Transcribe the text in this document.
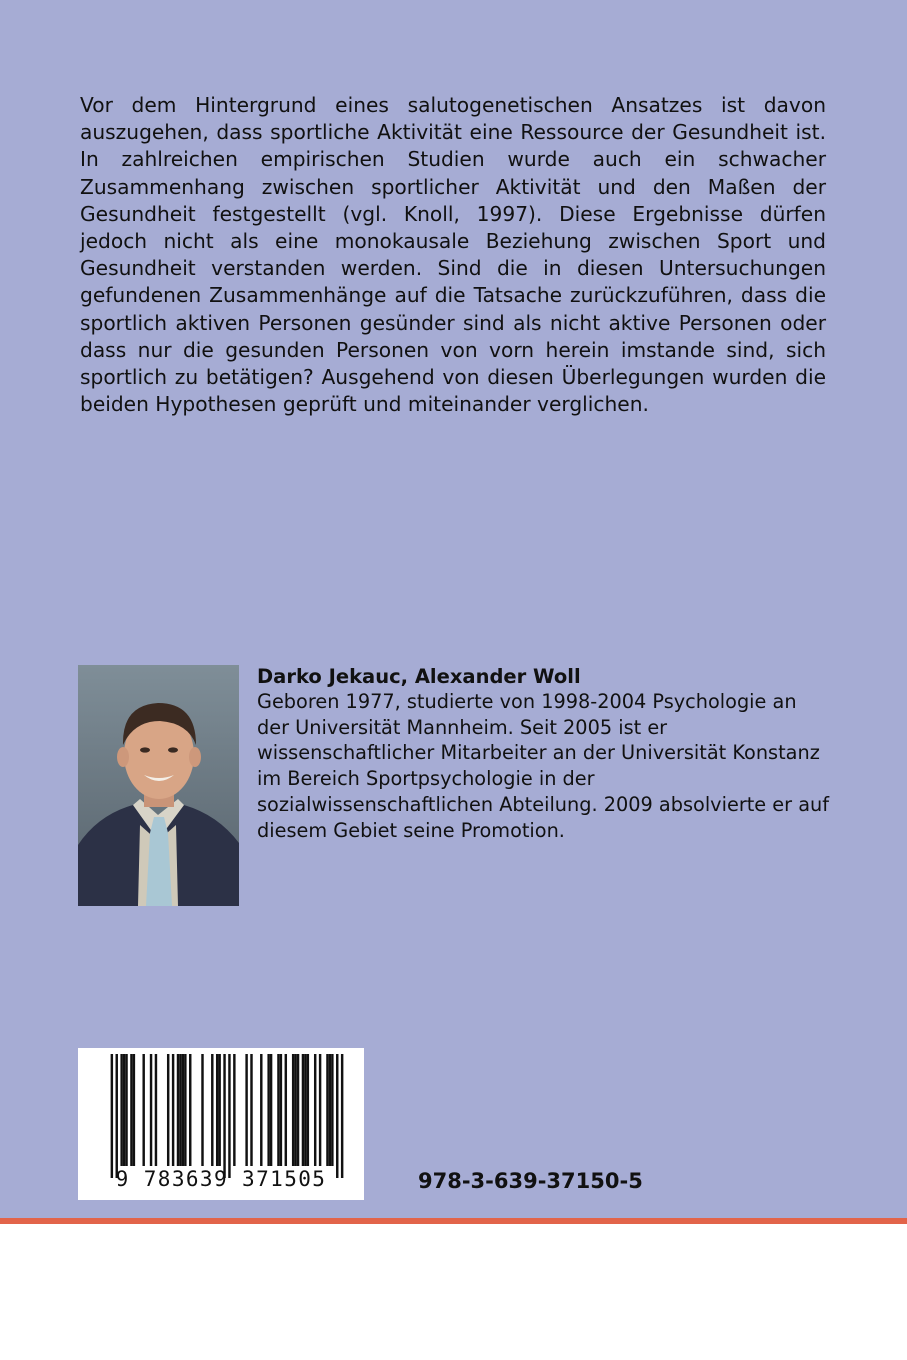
Vor dem Hintergrund eines salutogenetischen Ansatzes ist davon auszugehen, dass sportliche Aktivität eine Ressource der Gesundheit ist. In zahlreichen empirischen Studien wurde auch ein schwacher Zusammenhang zwischen sportlicher Aktivität und den Maßen der Gesundheit festgestellt (vgl. Knoll, 1997). Diese Ergebnisse dürfen jedoch nicht als eine monokausale Beziehung zwischen Sport und Gesundheit verstanden werden. Sind die in diesen Untersuchungen gefundenen Zusammenhänge auf die Tatsache zurückzuführen, dass die sportlich aktiven Personen gesünder sind als nicht aktive Personen oder dass nur die gesunden Personen von vorn herein imstande sind, sich sportlich zu betätigen? Ausgehend von diesen Überlegungen wurden die beiden Hypothesen geprüft und miteinander verglichen.

Darko Jekauc, Alexander Woll

Geboren 1977, studierte von 1998-2004 Psychologie an der Universität Mannheim. Seit 2005 ist er wissenschaftlicher Mitarbeiter an der Universität Konstanz im Bereich Sportpsychologie in der sozialwissenschaftlichen Abteilung. 2009 absolvierte er auf diesem Gebiet seine Promotion.

9 783639 371505	978-3-639-37150-5
